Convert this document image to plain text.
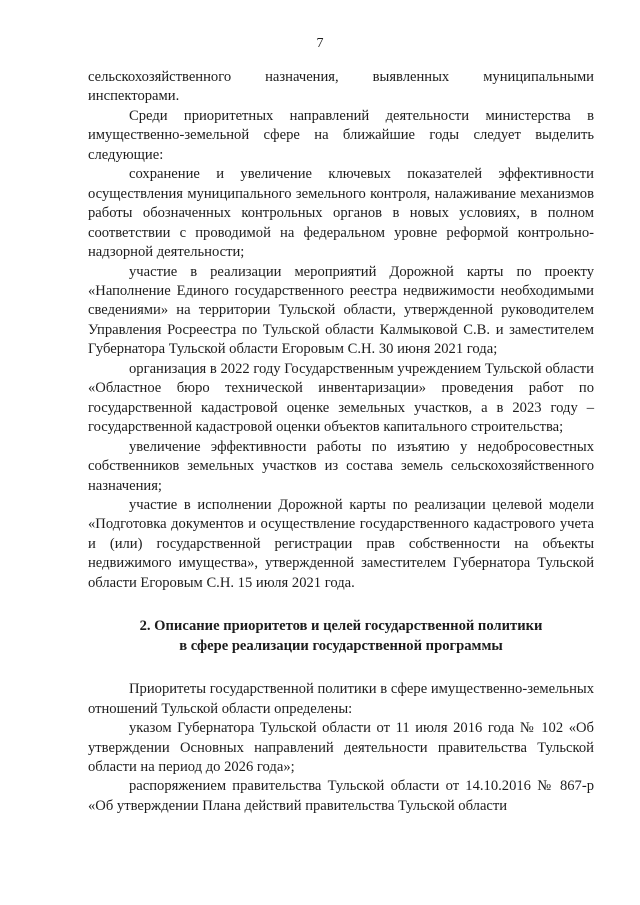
7

сельскохозяйственного назначения, выявленных муниципальными инспекторами.

Среди приоритетных направлений деятельности министерства в имущественно-земельной сфере на ближайшие годы следует выделить следующие:

сохранение и увеличение ключевых показателей эффективности осуществления муниципального земельного контроля, налаживание механизмов работы обозначенных контрольных органов в новых условиях, в полном соответствии с проводимой на федеральном уровне реформой контрольно-надзорной деятельности;

участие в реализации мероприятий Дорожной карты по проекту «Наполнение Единого государственного реестра недвижимости необходимыми сведениями» на территории Тульской области, утвержденной руководителем Управления Росреестра по Тульской области Калмыковой С.В. и заместителем Губернатора Тульской области Егоровым С.Н. 30 июня 2021 года;

организация в 2022 году Государственным учреждением Тульской области «Областное бюро технической инвентаризации» проведения работ по государственной кадастровой оценке земельных участков, а в 2023 году – государственной кадастровой оценки объектов капитального строительства;

увеличение эффективности работы по изъятию у недобросовестных собственников земельных участков из состава земель сельскохозяйственного назначения;

участие в исполнении Дорожной карты по реализации целевой модели «Подготовка документов и осуществление государственного кадастрового учета и (или) государственной регистрации прав собственности на объекты недвижимого имущества», утвержденной заместителем Губернатора Тульской области Егоровым С.Н. 15 июля 2021 года.

2. Описание приоритетов и целей государственной политики
в сфере реализации государственной программы

Приоритеты государственной политики в сфере имущественно-земельных отношений Тульской области определены:

указом Губернатора Тульской области от 11 июля 2016 года № 102 «Об утверждении Основных направлений деятельности правительства Тульской области на период до 2026 года»;

распоряжением правительства Тульской области от 14.10.2016 № 867-р «Об утверждении Плана действий правительства Тульской области
